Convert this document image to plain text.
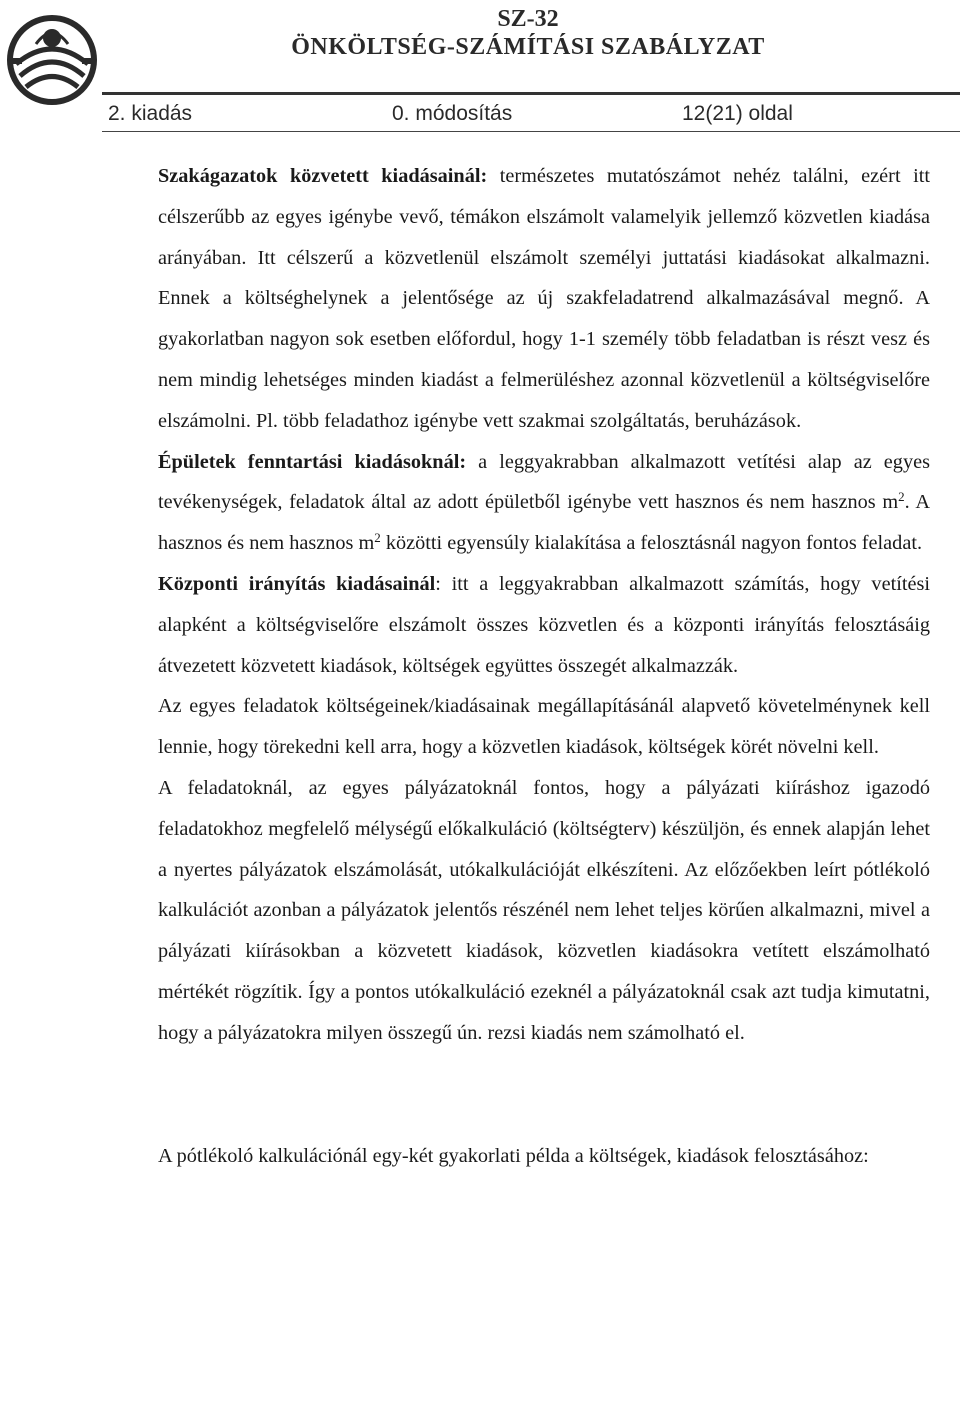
SZ-32
ÖNKÖLTSÉG-SZÁMÍTÁSI SZABÁLYZAT
2. kiadás	0. módosítás	12(21) oldal

Szakágazatok közvetett kiadásainál: természetes mutatószámot nehéz találni, ezért itt célszerűbb az egyes igénybe vevő, témákon elszámolt valamelyik jellemző közvetlen kiadása arányában. Itt célszerű a közvetlenül elszámolt személyi juttatási kiadásokat alkalmazni. Ennek a költséghelynek a jelentősége az új szakfeladatrend alkalmazásával megnő. A gyakorlatban nagyon sok esetben előfordul, hogy 1-1 személy több feladatban is részt vesz és nem mindig lehetséges minden kiadást a felmerüléshez azonnal közvetlenül a költségviselőre elszámolni. Pl. több feladathoz igénybe vett szakmai szolgáltatás, beruházások.

Épületek fenntartási kiadásoknál: a leggyakrabban alkalmazott vetítési alap az egyes tevékenységek, feladatok által az adott épületből igénybe vett hasznos és nem hasznos $m^2$. A hasznos és nem hasznos $m^2$ közötti egyensúly kialakítása a felosztásnál nagyon fontos feladat.

Központi irányítás kiadásainál: itt a leggyakrabban alkalmazott számítás, hogy vetítési alapként a költségviselőre elszámolt összes közvetlen és a központi irányítás felosztásáig átvezetett közvetett kiadások, költségek együttes összegét alkalmazzák.

Az egyes feladatok költségeinek/kiadásainak megállapításánál alapvető követelménynek kell lennie, hogy törekedni kell arra, hogy a közvetlen kiadások, költségek körét növelni kell.

A feladatoknál, az egyes pályázatoknál fontos, hogy a pályázati kiíráshoz igazodó feladatokhoz megfelelő mélységű előkalkuláció (költségterv) készüljön, és ennek alapján lehet a nyertes pályázatok elszámolását, utókalkulációját elkészíteni. Az előzőekben leírt pótlékoló kalkulációt azonban a pályázatok jelentős részénél nem lehet teljes körűen alkalmazni, mivel a pályázati kiírásokban a közvetett kiadások, közvetlen kiadásokra vetített elszámolható mértékét rögzítik. Így a pontos utókalkuláció ezeknél a pályázatoknál csak azt tudja kimutatni, hogy a pályázatokra milyen összegű ún. rezsi kiadás nem számolható el.

A pótlékoló kalkulációnál egy-két gyakorlati példa a költségek, kiadások felosztásához:
